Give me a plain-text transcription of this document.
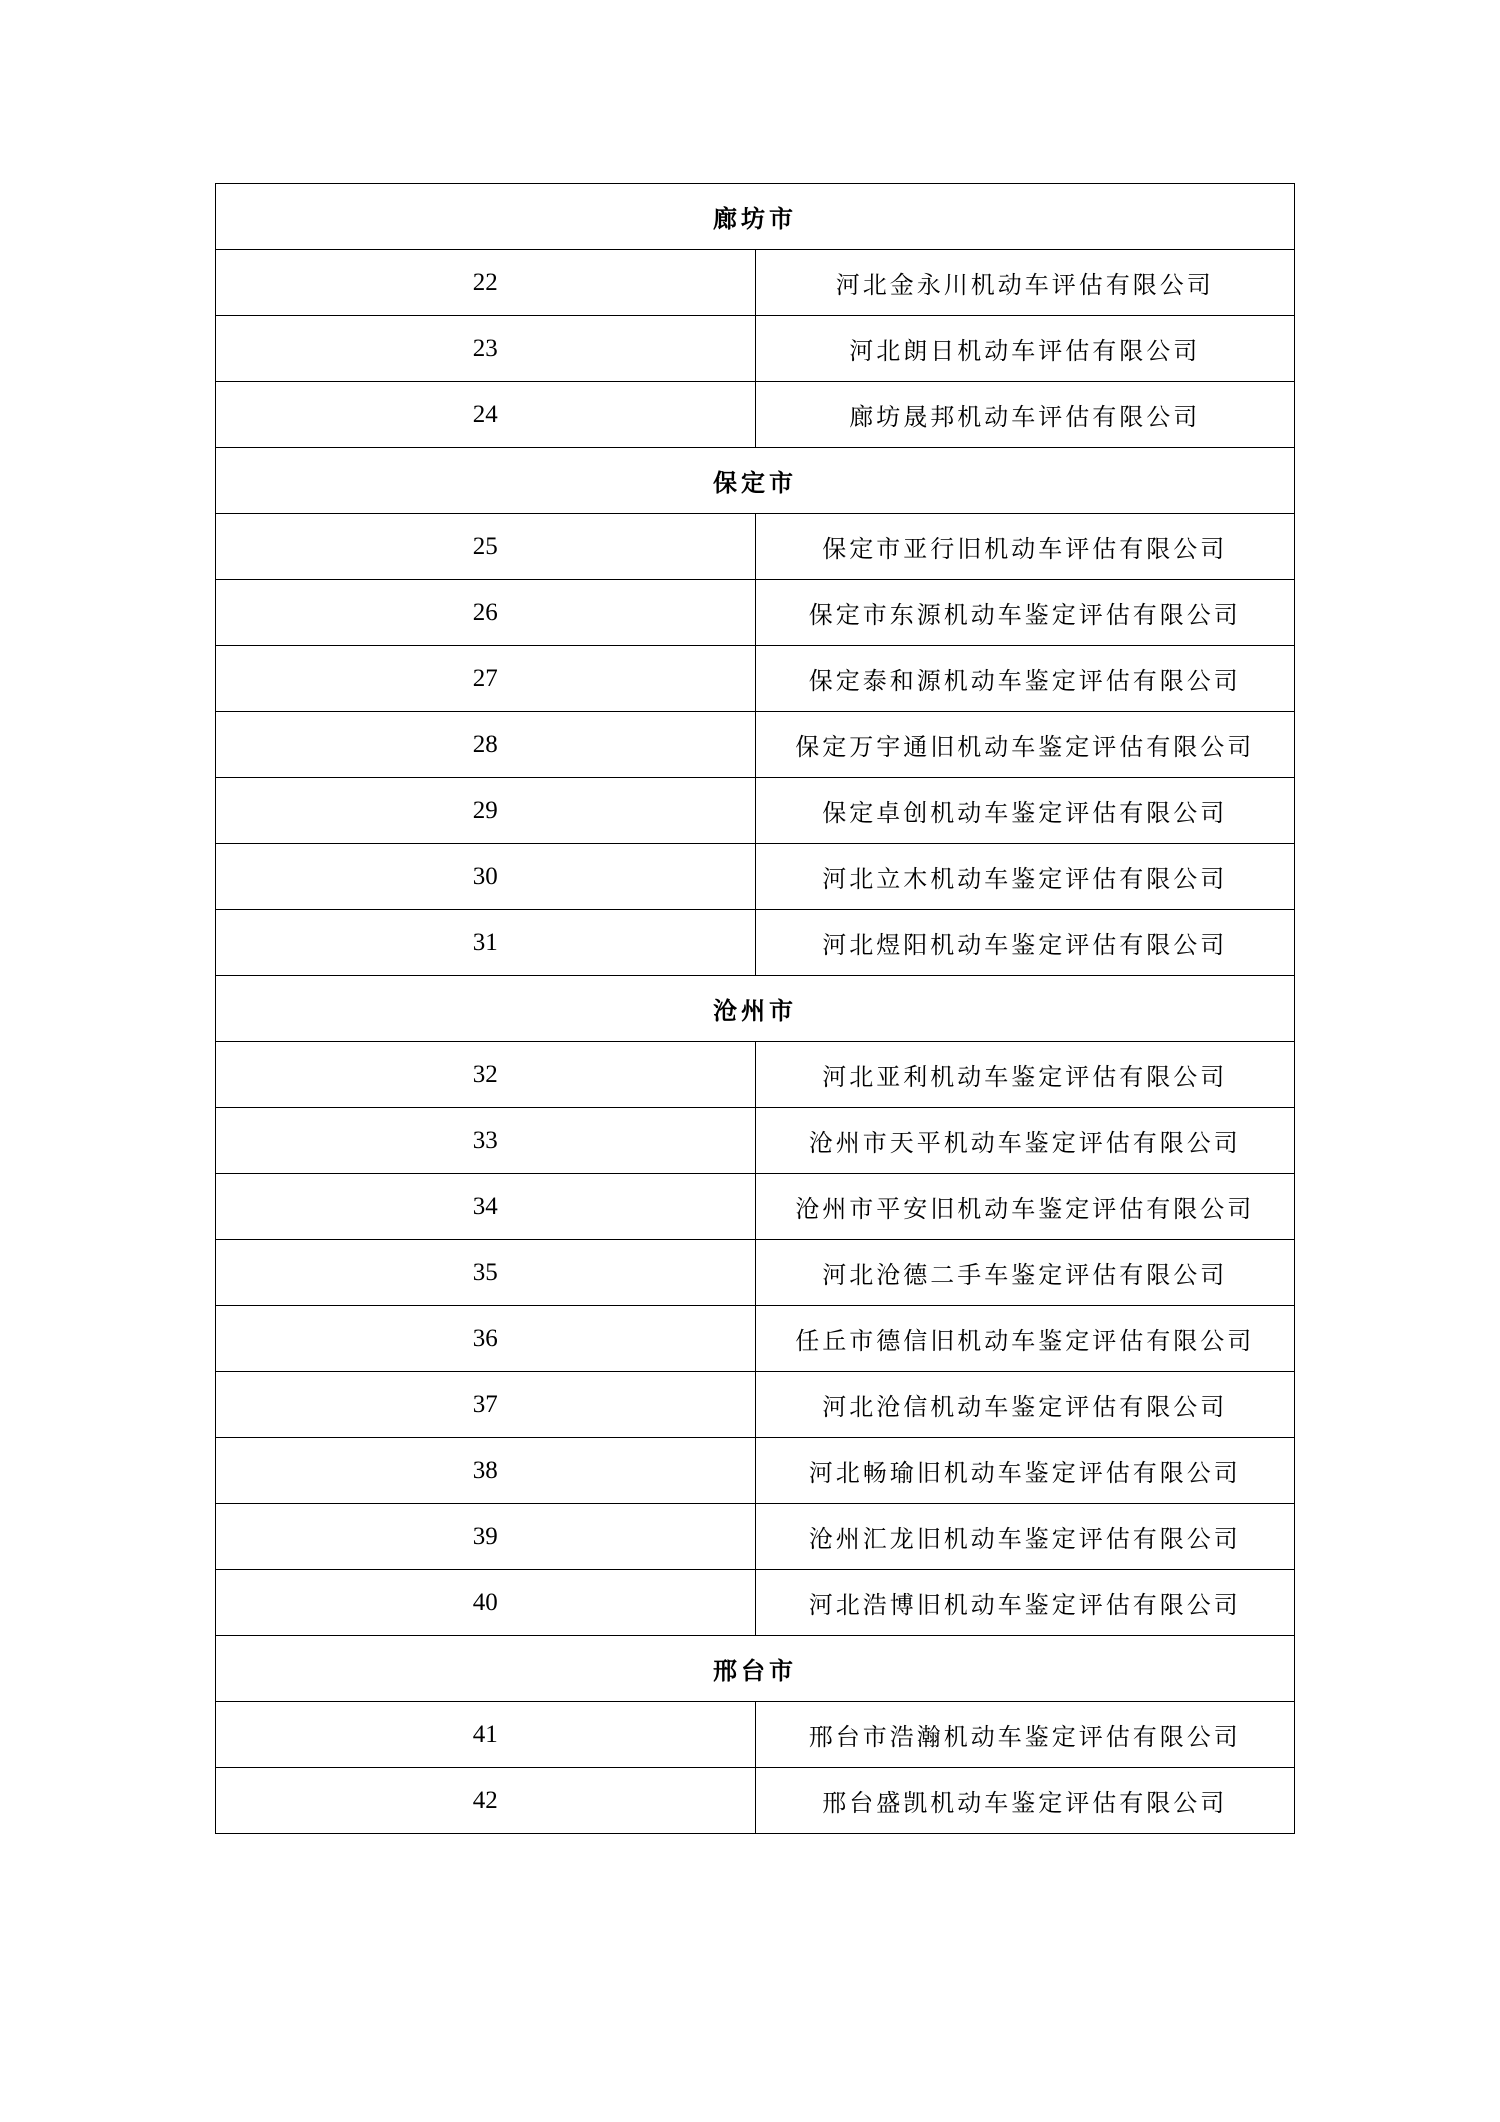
廊坊市	
22	河北金永川机动车评估有限公司
23	河北朗日机动车评估有限公司
24	廊坊晟邦机动车评估有限公司
保定市	
25	保定市亚行旧机动车评估有限公司
26	保定市东源机动车鉴定评估有限公司
27	保定泰和源机动车鉴定评估有限公司
28	保定万宇通旧机动车鉴定评估有限公司
29	保定卓创机动车鉴定评估有限公司
30	河北立木机动车鉴定评估有限公司
31	河北煜阳机动车鉴定评估有限公司
沧州市	
32	河北亚利机动车鉴定评估有限公司
33	沧州市天平机动车鉴定评估有限公司
34	沧州市平安旧机动车鉴定评估有限公司
35	河北沧德二手车鉴定评估有限公司
36	任丘市德信旧机动车鉴定评估有限公司
37	河北沧信机动车鉴定评估有限公司
38	河北畅瑜旧机动车鉴定评估有限公司
39	沧州汇龙旧机动车鉴定评估有限公司
40	河北浩博旧机动车鉴定评估有限公司
邢台市	
41	邢台市浩瀚机动车鉴定评估有限公司
42	邢台盛凯机动车鉴定评估有限公司
